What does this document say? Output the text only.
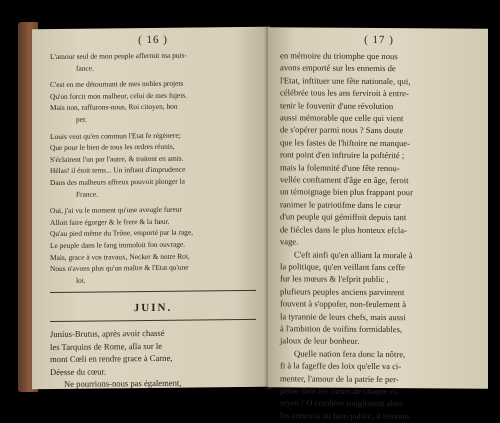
( 16 )
L'amour seul de mon peuple affermit ma puis-
fance.
C'est en me détournant de mes nobles projets
Qu'on forcit mon malheur, celui de mes fujets.
Mais non, raffurons-nous, Roi citoyen, bon
per.
Louis veut qu'en commun l'Etat fe régénere;
Que pour le bien de tous les ordres réunis,
S'éclairent l'un par l'autre, & traitent en amis.
Hélas! il étoit tems... Un inftant d'imprudence
Dans des malheurs affreux pouvoit plonger la
France.
Oui, j'ai vu le moment qu'une aveugle fureur
Alloit faire égorger & le frere & la fœur.
Qu'au pied même du Trône, emporté par la rage,
Le peuple dans le fang immoloit fon ouvrage.
Mais, grace à vos travaux, Necker & notre Roi,
Nous n'avons plus qu'un maître & l'Etat qu'une
loi.
JUIN.
Junius-Brutus, après avoir chassé
les Tarquins de Rome, alla sur le
mont Cœli en rendre grace à Carne,
Déesse du cœur.
Ne pourrions-nous pas également,
( 17 )
en mémoire du triomphe que nous
avons emporté sur les ennemis de
l'Etat, inftituer une fête nationale, qui,
célébrée tous les ans ferviroit à entre-
tenir le fouvenir d'une révolution
aussi mémorable que celle qui vient
de s'opérer parmi nous ? Sans doute
que les fastes de l'hiftoire ne manque-
ront point d'en inftruire la poftérité ;
mais la folemnité d'une fête renou-
vellée conftament d'âge en âge, feroit
un témoignage bien plus frappant pour
ranimer le patriotifme dans le cœur
d'un peuple qui gémiffoit depuis tant
de fiécles dans le plus honteux efcla-
vage.
C'eft ainfi qu'en alliant la morale à
la politique, qu'en veillant fans ceffe
fur les mœurs & l'efprit public ,
plufieurs peuples anciens parvinrent
fouvent à s'oppofer, non-feulement à
la tyrannie de leurs chefs, mais aussi
à l'ambition de voifins formidables,
jaloux de leur bonheur.
Quelle nation fera donc la nôtre,
fi à la fageffe des loix qu'elle va ci-
menter, l'amour de la patrie fe per-
pétue dans les cœurs de chaque ci-
toyen ! O combien rougiroient alors
les ennemis du bien public, il témoins
